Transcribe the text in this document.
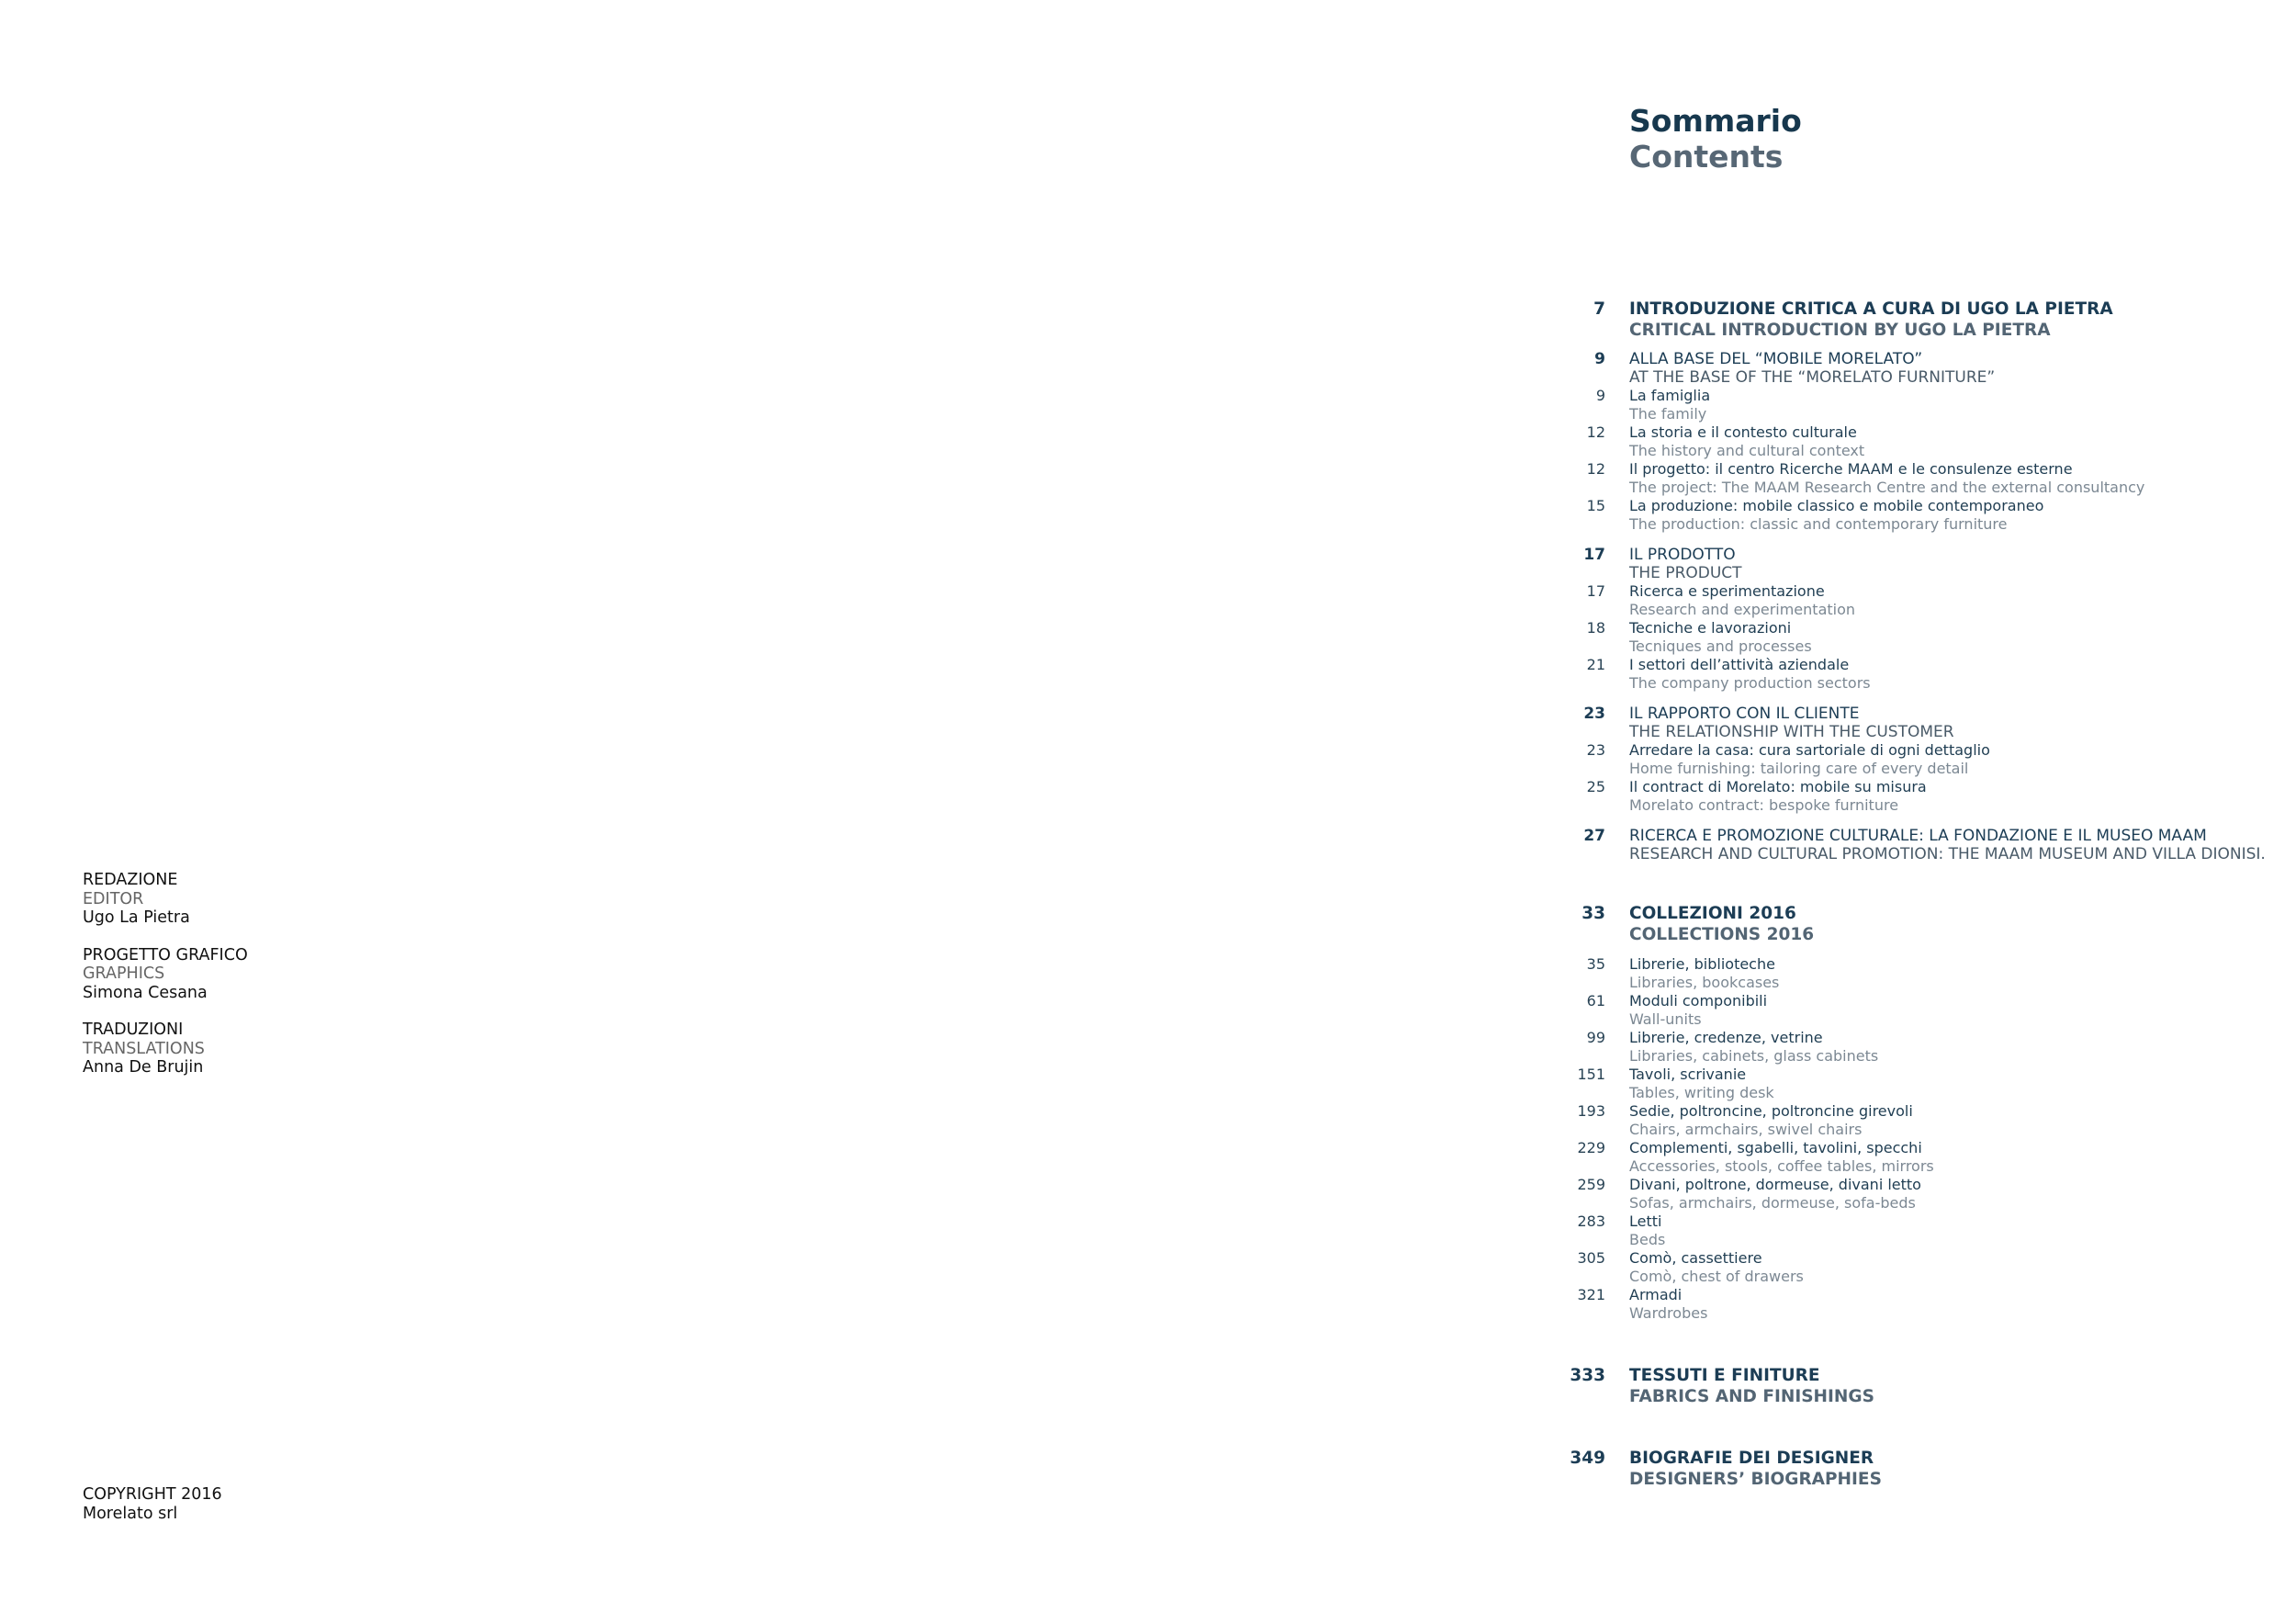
REDAZIONE
EDITOR
Ugo La Pietra
PROGETTO GRAFICO
GRAPHICS
Simona Cesana
TRADUZIONI
TRANSLATIONS
Anna De Brujin
COPYRIGHT 2016
Morelato srl
Sommario
Contents
7	INTRODUZIONE CRITICA A CURA DI UGO LA PIETRA
CRITICAL INTRODUCTION BY UGO LA PIETRA
9	ALLA BASE DEL “MOBILE MORELATO”
AT THE BASE OF THE “MORELATO FURNITURE”
9	La famiglia
The family
12	La storia e il contesto culturale
The history and cultural context
12	Il progetto: il centro Ricerche MAAM e le consulenze esterne
The project: The MAAM Research Centre and the external consultancy
15	La produzione: mobile classico e mobile contemporaneo
The production: classic and contemporary furniture
17	IL PRODOTTO
THE PRODUCT
17	Ricerca e sperimentazione
Research and experimentation
18	Tecniche e lavorazioni
Tecniques and processes
21	I settori dell’attività aziendale
The company production sectors
23	IL RAPPORTO CON IL CLIENTE
THE RELATIONSHIP WITH THE CUSTOMER
23	Arredare la casa: cura sartoriale di ogni dettaglio
Home furnishing: tailoring care of every detail
25	Il contract di Morelato: mobile su misura
Morelato contract: bespoke furniture
27	RICERCA E PROMOZIONE CULTURALE: LA FONDAZIONE E IL MUSEO MAAM
RESEARCH AND CULTURAL PROMOTION: THE MAAM MUSEUM AND VILLA DIONISI.
33	COLLEZIONI 2016
COLLECTIONS 2016
35	Librerie, biblioteche
Libraries, bookcases
61	Moduli componibili
Wall-units
99	Librerie, credenze, vetrine
Libraries, cabinets, glass cabinets
151	Tavoli, scrivanie
Tables, writing desk
193	Sedie, poltroncine, poltroncine girevoli
Chairs, armchairs, swivel chairs
229	Complementi, sgabelli, tavolini, specchi
Accessories, stools, coffee tables, mirrors
259	Divani, poltrone, dormeuse, divani letto
Sofas, armchairs, dormeuse, sofa-beds
283	Letti
Beds
305	Comò, cassettiere
Comò, chest of drawers
321	Armadi
Wardrobes
333	TESSUTI E FINITURE
FABRICS AND FINISHINGS
349	BIOGRAFIE DEI DESIGNER
DESIGNERS’ BIOGRAPHIES
